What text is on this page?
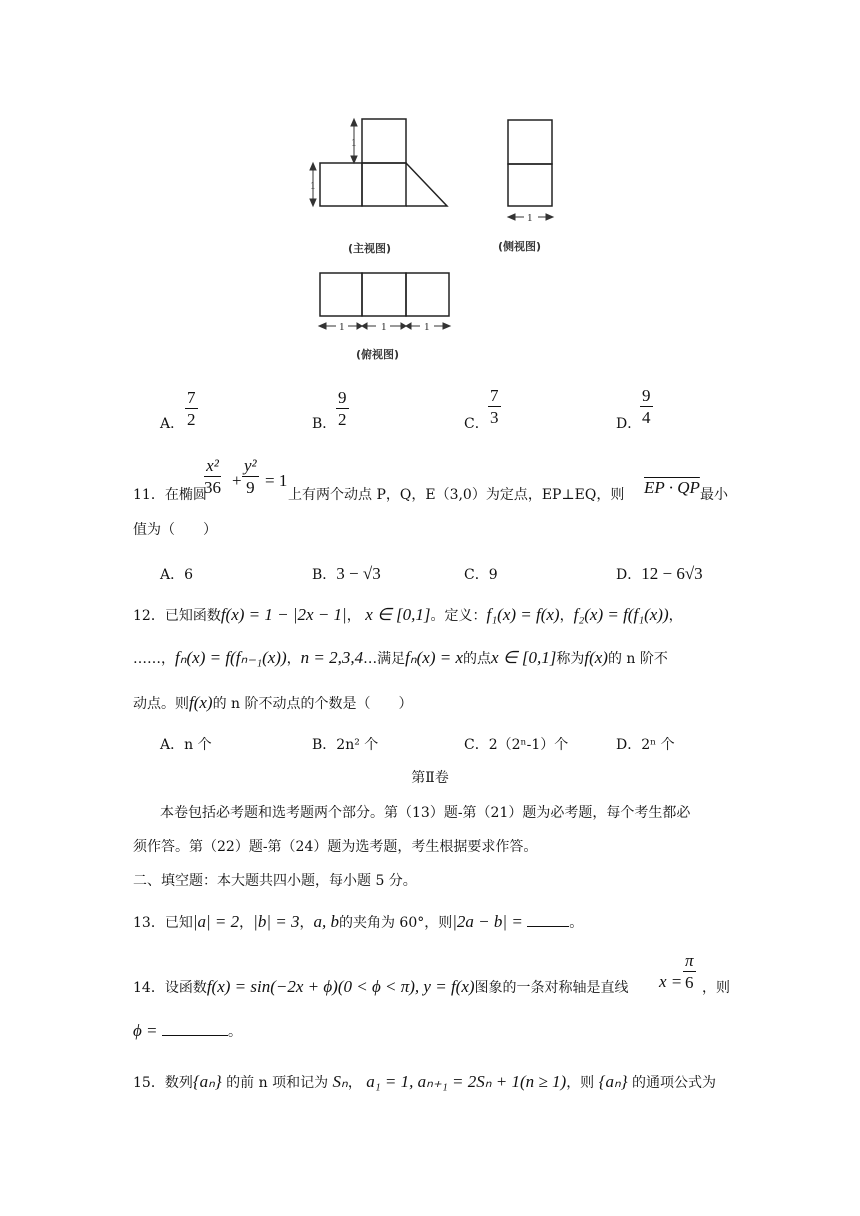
1
1
1
1	1	1
(主视图)	(侧视图)
(俯视图)
A． $\frac{7}{2}$	B． $\frac{9}{2}$	C． $\frac{7}{3}$	D．
$\frac{9}{4}$
11．在椭圆
$\frac{\text{x²}}{36} + \frac{\text{y²}}{9} = 1$
上有两个动点 P，Q，E（3,0）为定点，EP⊥EQ，则 EP · QP 最小
值为（　　）
A．6	B．3 − √3	C．9	D．12 − 6√3
12．已知函数f(x) = 1 − |2x − 1|， x ∈ [0,1]。定义：f₁(x) = f(x)，f₂(x) = f(f₁(x))，
……，fₙ(x) = f(fₙ₋₁(x))，n = 2,3,4…满足fₙ(x) = x的点x ∈ [0,1]称为f(x)的 n 阶不
动点。则f(x)的 n 阶不动点的个数是（　　）
A．n 个	B．2n² 个	C．2（2ⁿ-1）个	D．2ⁿ 个
第Ⅱ卷
本卷包括必考题和选考题两个部分。第（13）题-第（21）题为必考题，每个考生都必
须作答。第（22）题-第（24）题为选考题，考生根据要求作答。
二、填空题：本大题共四小题，每小题 5 分。
13．已知|a| = 2，|b| = 3，a, b的夹角为 60°，则|2a − b| =	。
14．设函数f(x) = sin(−2x + ϕ)(0 < ϕ < π), y = f(x)图象的一条对称轴是直线 $x = \frac{\pi}{6}$ ，则
ϕ =	。
15．数列{aₙ} 的前 n 项和记为 Sₙ， a₁ = 1, aₙ₊₁ = 2Sₙ + 1(n ≥ 1)，则 {aₙ} 的通项公式为
